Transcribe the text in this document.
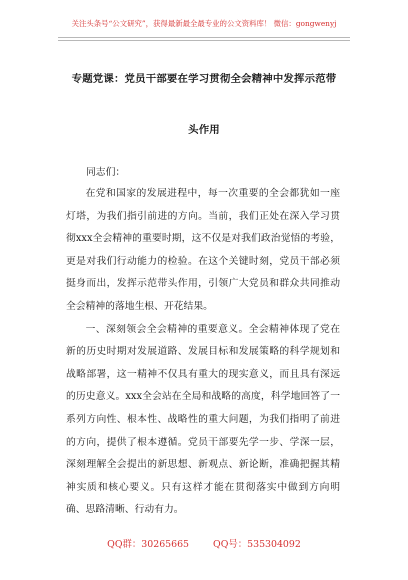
关注头条号“公文研究”，获得最新最全最专业的公文资料库！ 微信：gongwenyj
专题党课：党员干部要在学习贯彻全会精神中发挥示范带
头作用
同志们：

在党和国家的发展进程中，每一次重要的全会都犹如一座灯塔，为我们指引前进的方向。当前，我们正处在深入学习贯彻xxx全会精神的重要时期，这不仅是对我们政治觉悟的考验，更是对我们行动能力的检验。在这个关键时刻，党员干部必须挺身而出，发挥示范带头作用，引领广大党员和群众共同推动全会精神的落地生根、开花结果。

一、深刻领会全会精神的重要意义。全会精神体现了党在新的历史时期对发展道路、发展目标和发展策略的科学规划和战略部署，这一精神不仅具有重大的现实意义，而且具有深远的历史意义。xxx全会站在全局和战略的高度，科学地回答了一系列方向性、根本性、战略性的重大问题，为我们指明了前进的方向，提供了根本遵循。党员干部要先学一步、学深一层，深刻理解全会提出的新思想、新观点、新论断，准确把握其精神实质和核心要义。只有这样才能在贯彻落实中做到方向明确、思路清晰、行动有力。

QQ群：30265665	QQ号：535304092
